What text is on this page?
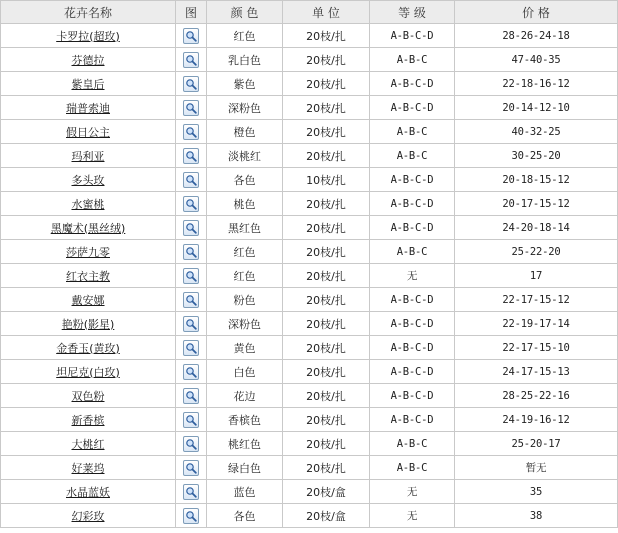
花卉名称	图	颜 色	单 位	等 级	价 格
卡罗拉(超玫)		红色	20枝/扎	A-B-C-D	28-26-24-18
芬德拉		乳白色	20枝/扎	A-B-C	47-40-35
紫皇后		紫色	20枝/扎	A-B-C-D	22-18-16-12
瑞普索迪		深粉色	20枝/扎	A-B-C-D	20-14-12-10
假日公主		橙色	20枝/扎	A-B-C	40-32-25
玛利亚		淡桃红	20枝/扎	A-B-C	30-25-20
多头玫		各色	10枝/扎	A-B-C-D	20-18-15-12
水蜜桃		桃色	20枝/扎	A-B-C-D	20-17-15-12
黑魔术(黑丝绒)		黑红色	20枝/扎	A-B-C-D	24-20-18-14
莎萨九零		红色	20枝/扎	A-B-C	25-22-20
红衣主教		红色	20枝/扎	无	17
戴安娜		粉色	20枝/扎	A-B-C-D	22-17-15-12
艳粉(影星)		深粉色	20枝/扎	A-B-C-D	22-19-17-14
金香玉(黄玫)		黄色	20枝/扎	A-B-C-D	22-17-15-10
坦尼克(白玫)		白色	20枝/扎	A-B-C-D	24-17-15-13
双色粉		花边	20枝/扎	A-B-C-D	28-25-22-16
新香槟		香槟色	20枝/扎	A-B-C-D	24-19-16-12
大桃红		桃红色	20枝/扎	A-B-C	25-20-17
好莱坞		绿白色	20枝/扎	A-B-C	暂无
水晶蓝妖		蓝色	20枝/盒	无	35
幻彩玫		各色	20枝/盒	无	38
